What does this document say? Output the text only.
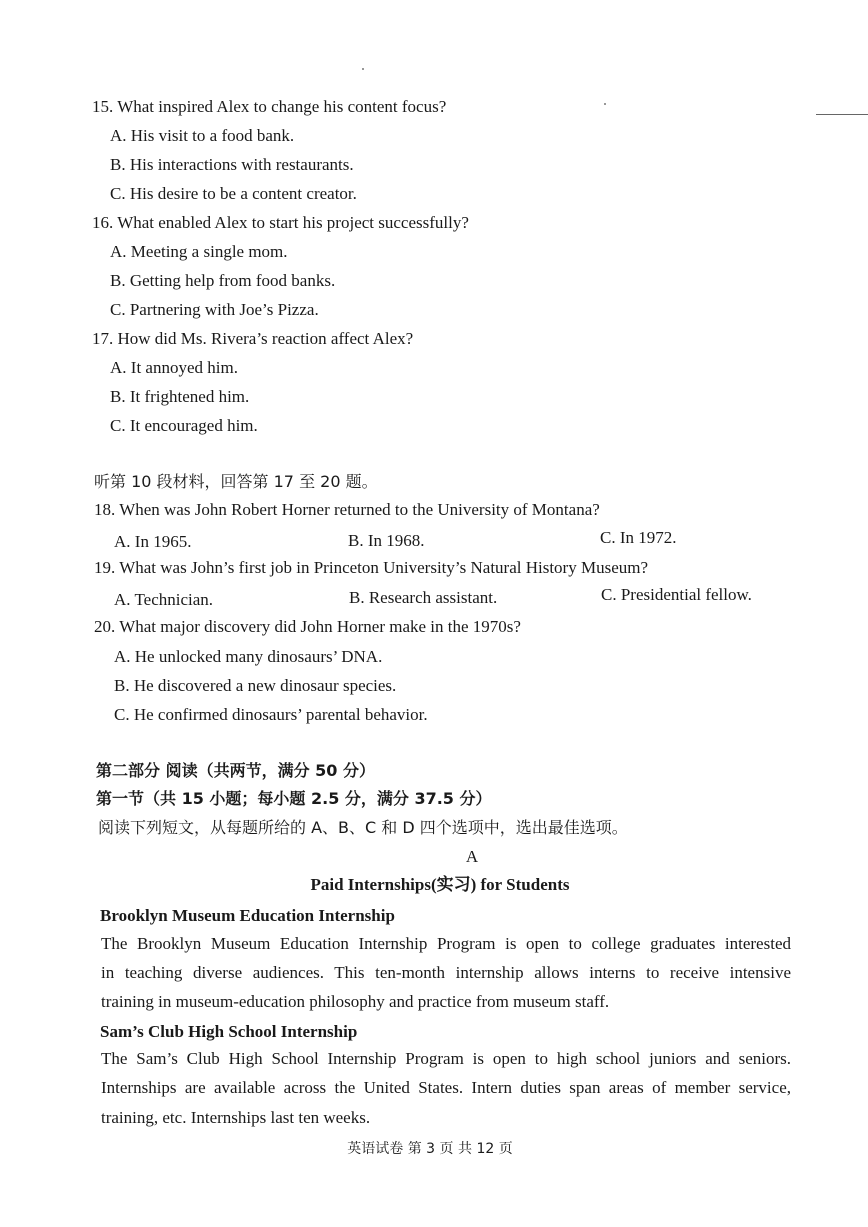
15. What inspired Alex to change his content focus?
A. His visit to a food bank.
B. His interactions with restaurants.
C. His desire to be a content creator.
16. What enabled Alex to start his project successfully?
A. Meeting a single mom.
B. Getting help from food banks.
C. Partnering with Joe’s Pizza.
17. How did Ms. Rivera’s reaction affect Alex?
A. It annoyed him.
B. It frightened him.
C. It encouraged him.
听第 10 段材料，回答第 17 至 20 题。
18. When was John Robert Horner returned to the University of Montana?
A. In 1965.	B. In 1968.	C. In 1972.
19. What was John’s first job in Princeton University’s Natural History Museum?
A. Technician.	B. Research assistant.	C. Presidential fellow.
20. What major discovery did John Horner make in the 1970s?
A. He unlocked many dinosaurs’ DNA.
B. He discovered a new dinosaur species.
C. He confirmed dinosaurs’ parental behavior.
第二部分 阅读（共两节，满分 50 分）
第一节（共 15 小题；每小题 2.5 分，满分 37.5 分）
阅读下列短文，从每题所给的 A、B、C 和 D 四个选项中，选出最佳选项。
A
Paid Internships(实习) for Students
Brooklyn Museum Education Internship
The Brooklyn Museum Education Internship Program is open to college graduates interested
in teaching diverse audiences. This ten-month internship allows interns to receive intensive
training in museum-education philosophy and practice from museum staff.
Sam’s Club High School Internship
The Sam’s Club High School Internship Program is open to high school juniors and seniors.
Internships are available across the United States. Intern duties span areas of member service,
training, etc. Internships last ten weeks.
英语试卷 第 3 页 共 12 页
